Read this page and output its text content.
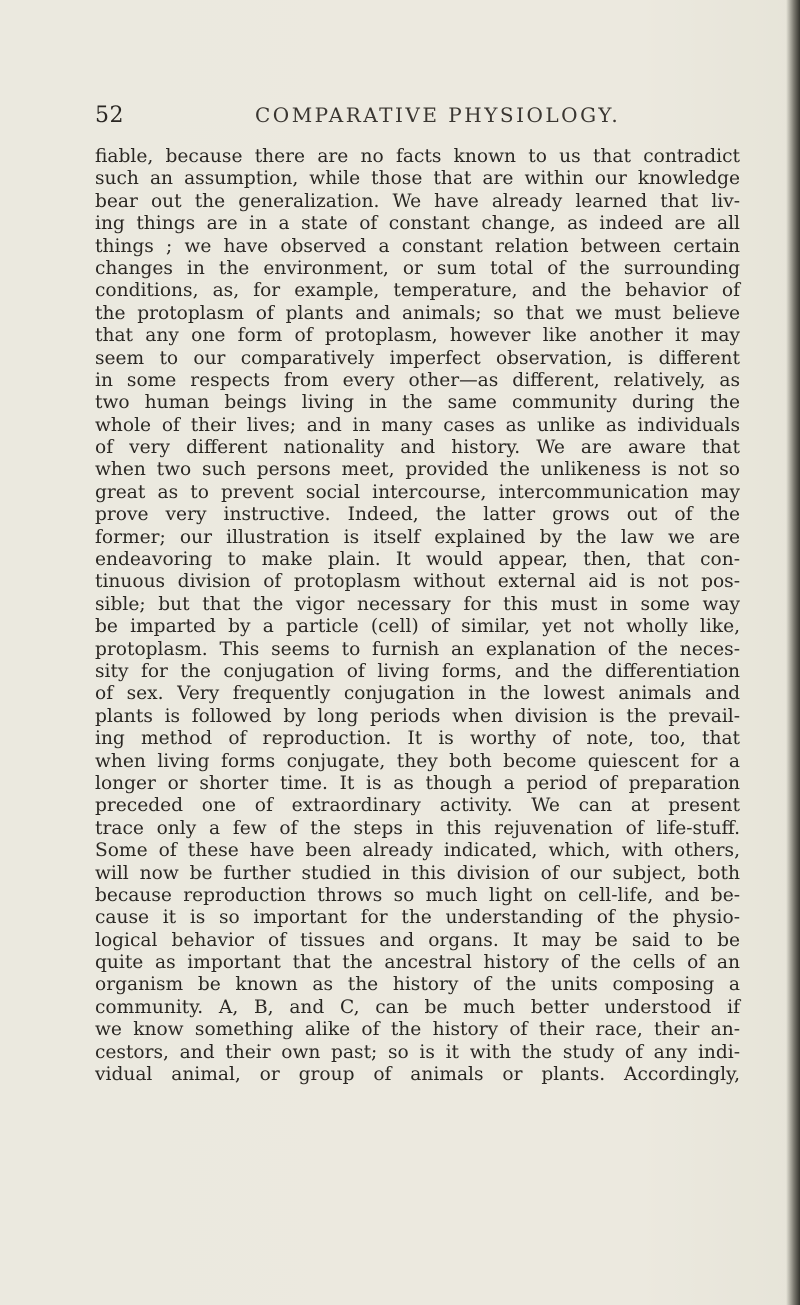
52	COMPARATIVE PHYSIOLOGY.
fiable, because there are no facts known to us that contradict
such an assumption, while those that are within our knowledge
bear out the generalization. We have already learned that liv-
ing things are in a state of constant change, as indeed are all
things ; we have observed a constant relation between certain
changes in the environment, or sum total of the surrounding
conditions, as, for example, temperature, and the behavior of
the protoplasm of plants and animals; so that we must believe
that any one form of protoplasm, however like another it may
seem to our comparatively imperfect observation, is different
in some respects from every other—as different, relatively, as
two human beings living in the same community during the
whole of their lives; and in many cases as unlike as individuals
of very different nationality and history. We are aware that
when two such persons meet, provided the unlikeness is not so
great as to prevent social intercourse, intercommunication may
prove very instructive. Indeed, the latter grows out of the
former; our illustration is itself explained by the law we are
endeavoring to make plain. It would appear, then, that con-
tinuous division of protoplasm without external aid is not pos-
sible; but that the vigor necessary for this must in some way
be imparted by a particle (cell) of similar, yet not wholly like,
protoplasm. This seems to furnish an explanation of the neces-
sity for the conjugation of living forms, and the differentiation
of sex. Very frequently conjugation in the lowest animals and
plants is followed by long periods when division is the prevail-
ing method of reproduction. It is worthy of note, too, that
when living forms conjugate, they both become quiescent for a
longer or shorter time. It is as though a period of preparation
preceded one of extraordinary activity. We can at present
trace only a few of the steps in this rejuvenation of life-stuff.
Some of these have been already indicated, which, with others,
will now be further studied in this division of our subject, both
because reproduction throws so much light on cell-life, and be-
cause it is so important for the understanding of the physio-
logical behavior of tissues and organs. It may be said to be
quite as important that the ancestral history of the cells of an
organism be known as the history of the units composing a
community. A, B, and C, can be much better understood if
we know something alike of the history of their race, their an-
cestors, and their own past; so is it with the study of any indi-
vidual animal, or group of animals or plants. Accordingly,
